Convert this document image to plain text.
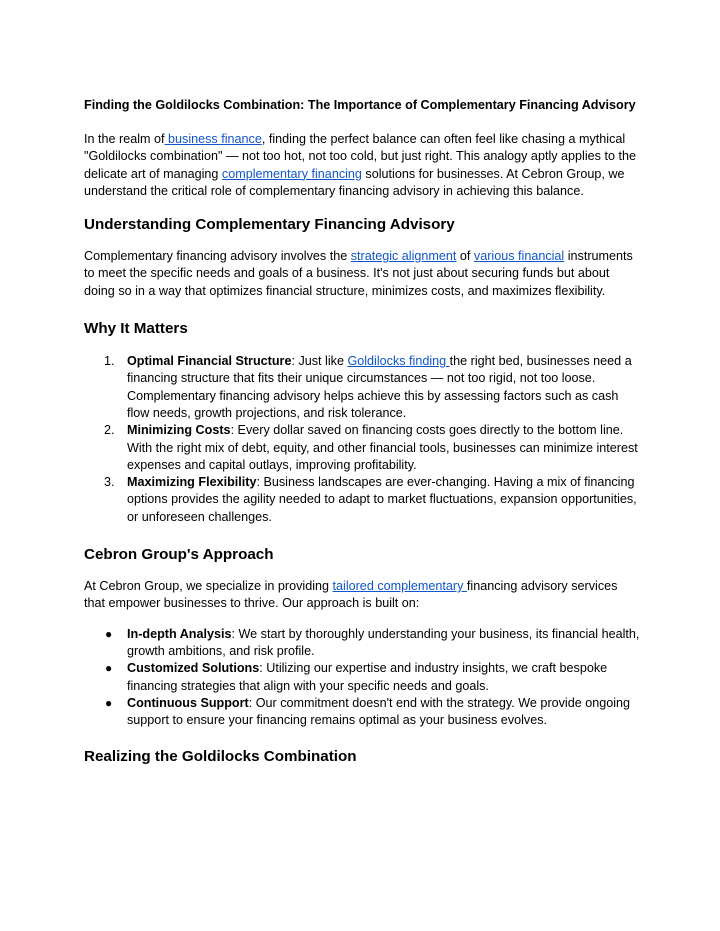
Finding the Goldilocks Combination: The Importance of Complementary Financing Advisory

In the realm of business finance, finding the perfect balance can often feel like chasing a mythical "Goldilocks combination" — not too hot, not too cold, but just right. This analogy aptly applies to the delicate art of managing complementary financing solutions for businesses. At Cebron Group, we understand the critical role of complementary financing advisory in achieving this balance.

Understanding Complementary Financing Advisory

Complementary financing advisory involves the strategic alignment of various financial instruments to meet the specific needs and goals of a business. It's not just about securing funds but about doing so in a way that optimizes financial structure, minimizes costs, and maximizes flexibility.

Why It Matters
1. Optimal Financial Structure: Just like Goldilocks finding the right bed, businesses need a financing structure that fits their unique circumstances — not too rigid, not too loose. Complementary financing advisory helps achieve this by assessing factors such as cash flow needs, growth projections, and risk tolerance.
2. Minimizing Costs: Every dollar saved on financing costs goes directly to the bottom line. With the right mix of debt, equity, and other financial tools, businesses can minimize interest expenses and capital outlays, improving profitability.
3. Maximizing Flexibility: Business landscapes are ever-changing. Having a mix of financing options provides the agility needed to adapt to market fluctuations, expansion opportunities, or unforeseen challenges.
Cebron Group's Approach

At Cebron Group, we specialize in providing tailored complementary financing advisory services that empower businesses to thrive. Our approach is built on:

● In-depth Analysis: We start by thoroughly understanding your business, its financial health, growth ambitions, and risk profile.
● Customized Solutions: Utilizing our expertise and industry insights, we craft bespoke financing strategies that align with your specific needs and goals.
● Continuous Support: Our commitment doesn't end with the strategy. We provide ongoing support to ensure your financing remains optimal as your business evolves.
Realizing the Goldilocks Combination
